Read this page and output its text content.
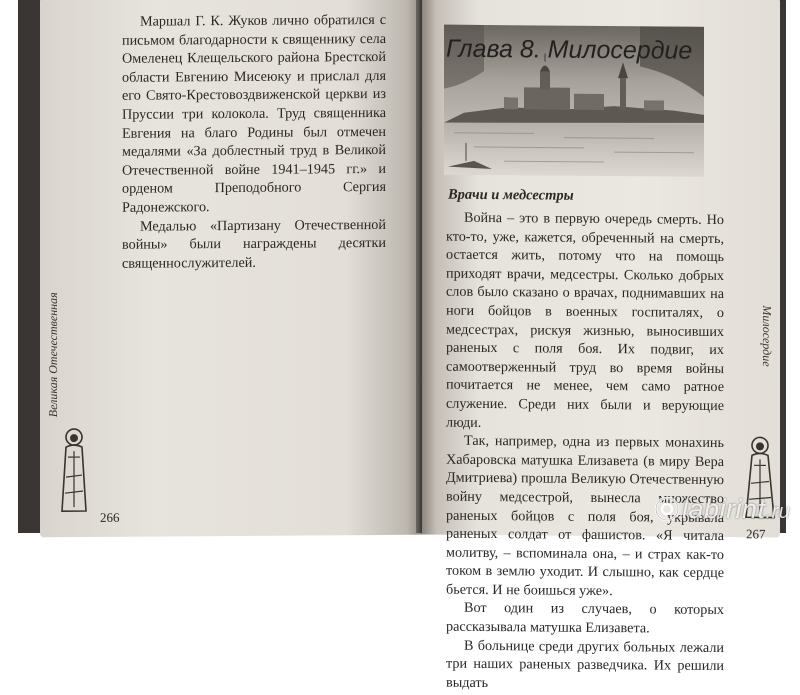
Маршал Г. К. Жуков лично обратился с письмом благодарности к священнику села Омеленец Клещельского района Брестской области Евгению Мисеюку и прислал для его Свято-Крестовоздвиженской церкви из Пруссии три колокола. Труд священника Евгения на благо Родины был отмечен медалями «За доблестный труд в Великой Отечественной войне 1941–1945 гг.» и орденом Преподобного Сергия Радонежского.

Медалью «Партизану Отечественной войны» были награждены десятки священнослужителей.

Великая Отечественная
266
Глава 8. Милосердие
Врачи и медсестры

Война – это в первую очередь смерть. Но кто-то, уже, кажется, обреченный на смерть, остается жить, потому что на помощь приходят врачи, медсестры. Сколько добрых слов было сказано о врачах, поднимавших на ноги бойцов в военных госпиталях, о медсестрах, рискуя жизнью, выносивших раненых с поля боя. Их подвиг, их самоотверженный труд во время войны почитается не менее, чем само ратное служение. Среди них были и верующие люди.

Так, например, одна из первых монахинь Хабаровска матушка Елизавета (в миру Вера Дмитриева) прошла Великую Отечественную войну медсестрой, вынесла множество раненых бойцов с поля боя, укрывала раненых солдат от фашистов. «Я читала молитву, – вспоминала она, – и страх как-то током в землю уходит. И слышно, как сердце бьется. И не боишься уже».

Вот один из случаев, о которых рассказывала матушка Елизавета.

В больнице среди других больных лежали три наших раненых разведчика. Их решили выдать

Милосердие
267
labirint.ru
